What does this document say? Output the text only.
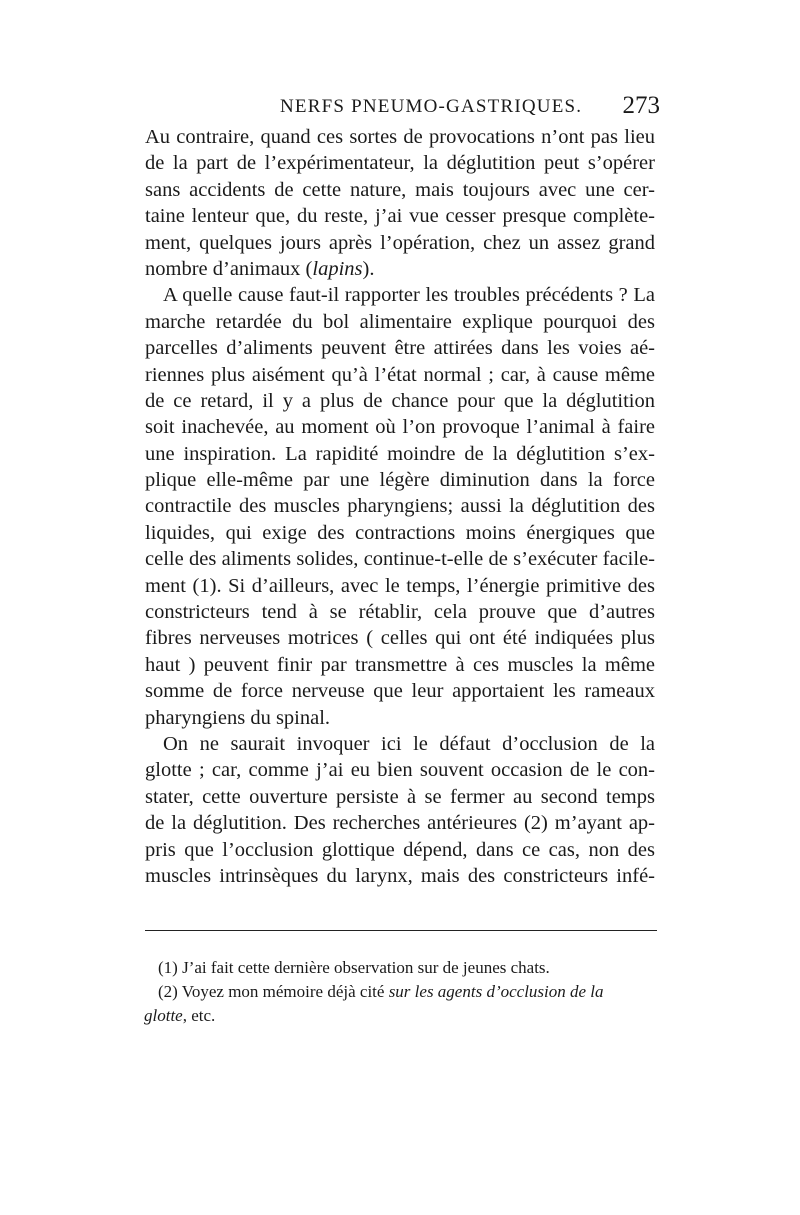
NERFS PNEUMO-GASTRIQUES. 273
Au contraire, quand ces sortes de provocations n’ont pas lieu
de la part de l’expérimentateur, la déglutition peut s’opérer
sans accidents de cette nature, mais toujours avec une cer-
taine lenteur que, du reste, j’ai vue cesser presque complète-
ment, quelques jours après l’opération, chez un assez grand
nombre d’animaux (lapins).
A quelle cause faut-il rapporter les troubles précédents ? La
marche retardée du bol alimentaire explique pourquoi des
parcelles d’aliments peuvent être attirées dans les voies aé-
riennes plus aisément qu’à l’état normal ; car, à cause même
de ce retard, il y a plus de chance pour que la déglutition
soit inachevée, au moment où l’on provoque l’animal à faire
une inspiration. La rapidité moindre de la déglutition s’ex-
plique elle-même par une légère diminution dans la force
contractile des muscles pharyngiens; aussi la déglutition des
liquides, qui exige des contractions moins énergiques que
celle des aliments solides, continue-t-elle de s’exécuter facile-
ment (1). Si d’ailleurs, avec le temps, l’énergie primitive des
constricteurs tend à se rétablir, cela prouve que d’autres
fibres nerveuses motrices ( celles qui ont été indiquées plus
haut ) peuvent finir par transmettre à ces muscles la même
somme de force nerveuse que leur apportaient les rameaux
pharyngiens du spinal.
On ne saurait invoquer ici le défaut d’occlusion de la
glotte ; car, comme j’ai eu bien souvent occasion de le con-
stater, cette ouverture persiste à se fermer au second temps
de la déglutition. Des recherches antérieures (2) m’ayant ap-
pris que l’occlusion glottique dépend, dans ce cas, non des
muscles intrinsèques du larynx, mais des constricteurs infé-
(1) J’ai fait cette dernière observation sur de jeunes chats.
(2) Voyez mon mémoire déjà cité sur les agents d’occlusion de la
glotte, etc.
